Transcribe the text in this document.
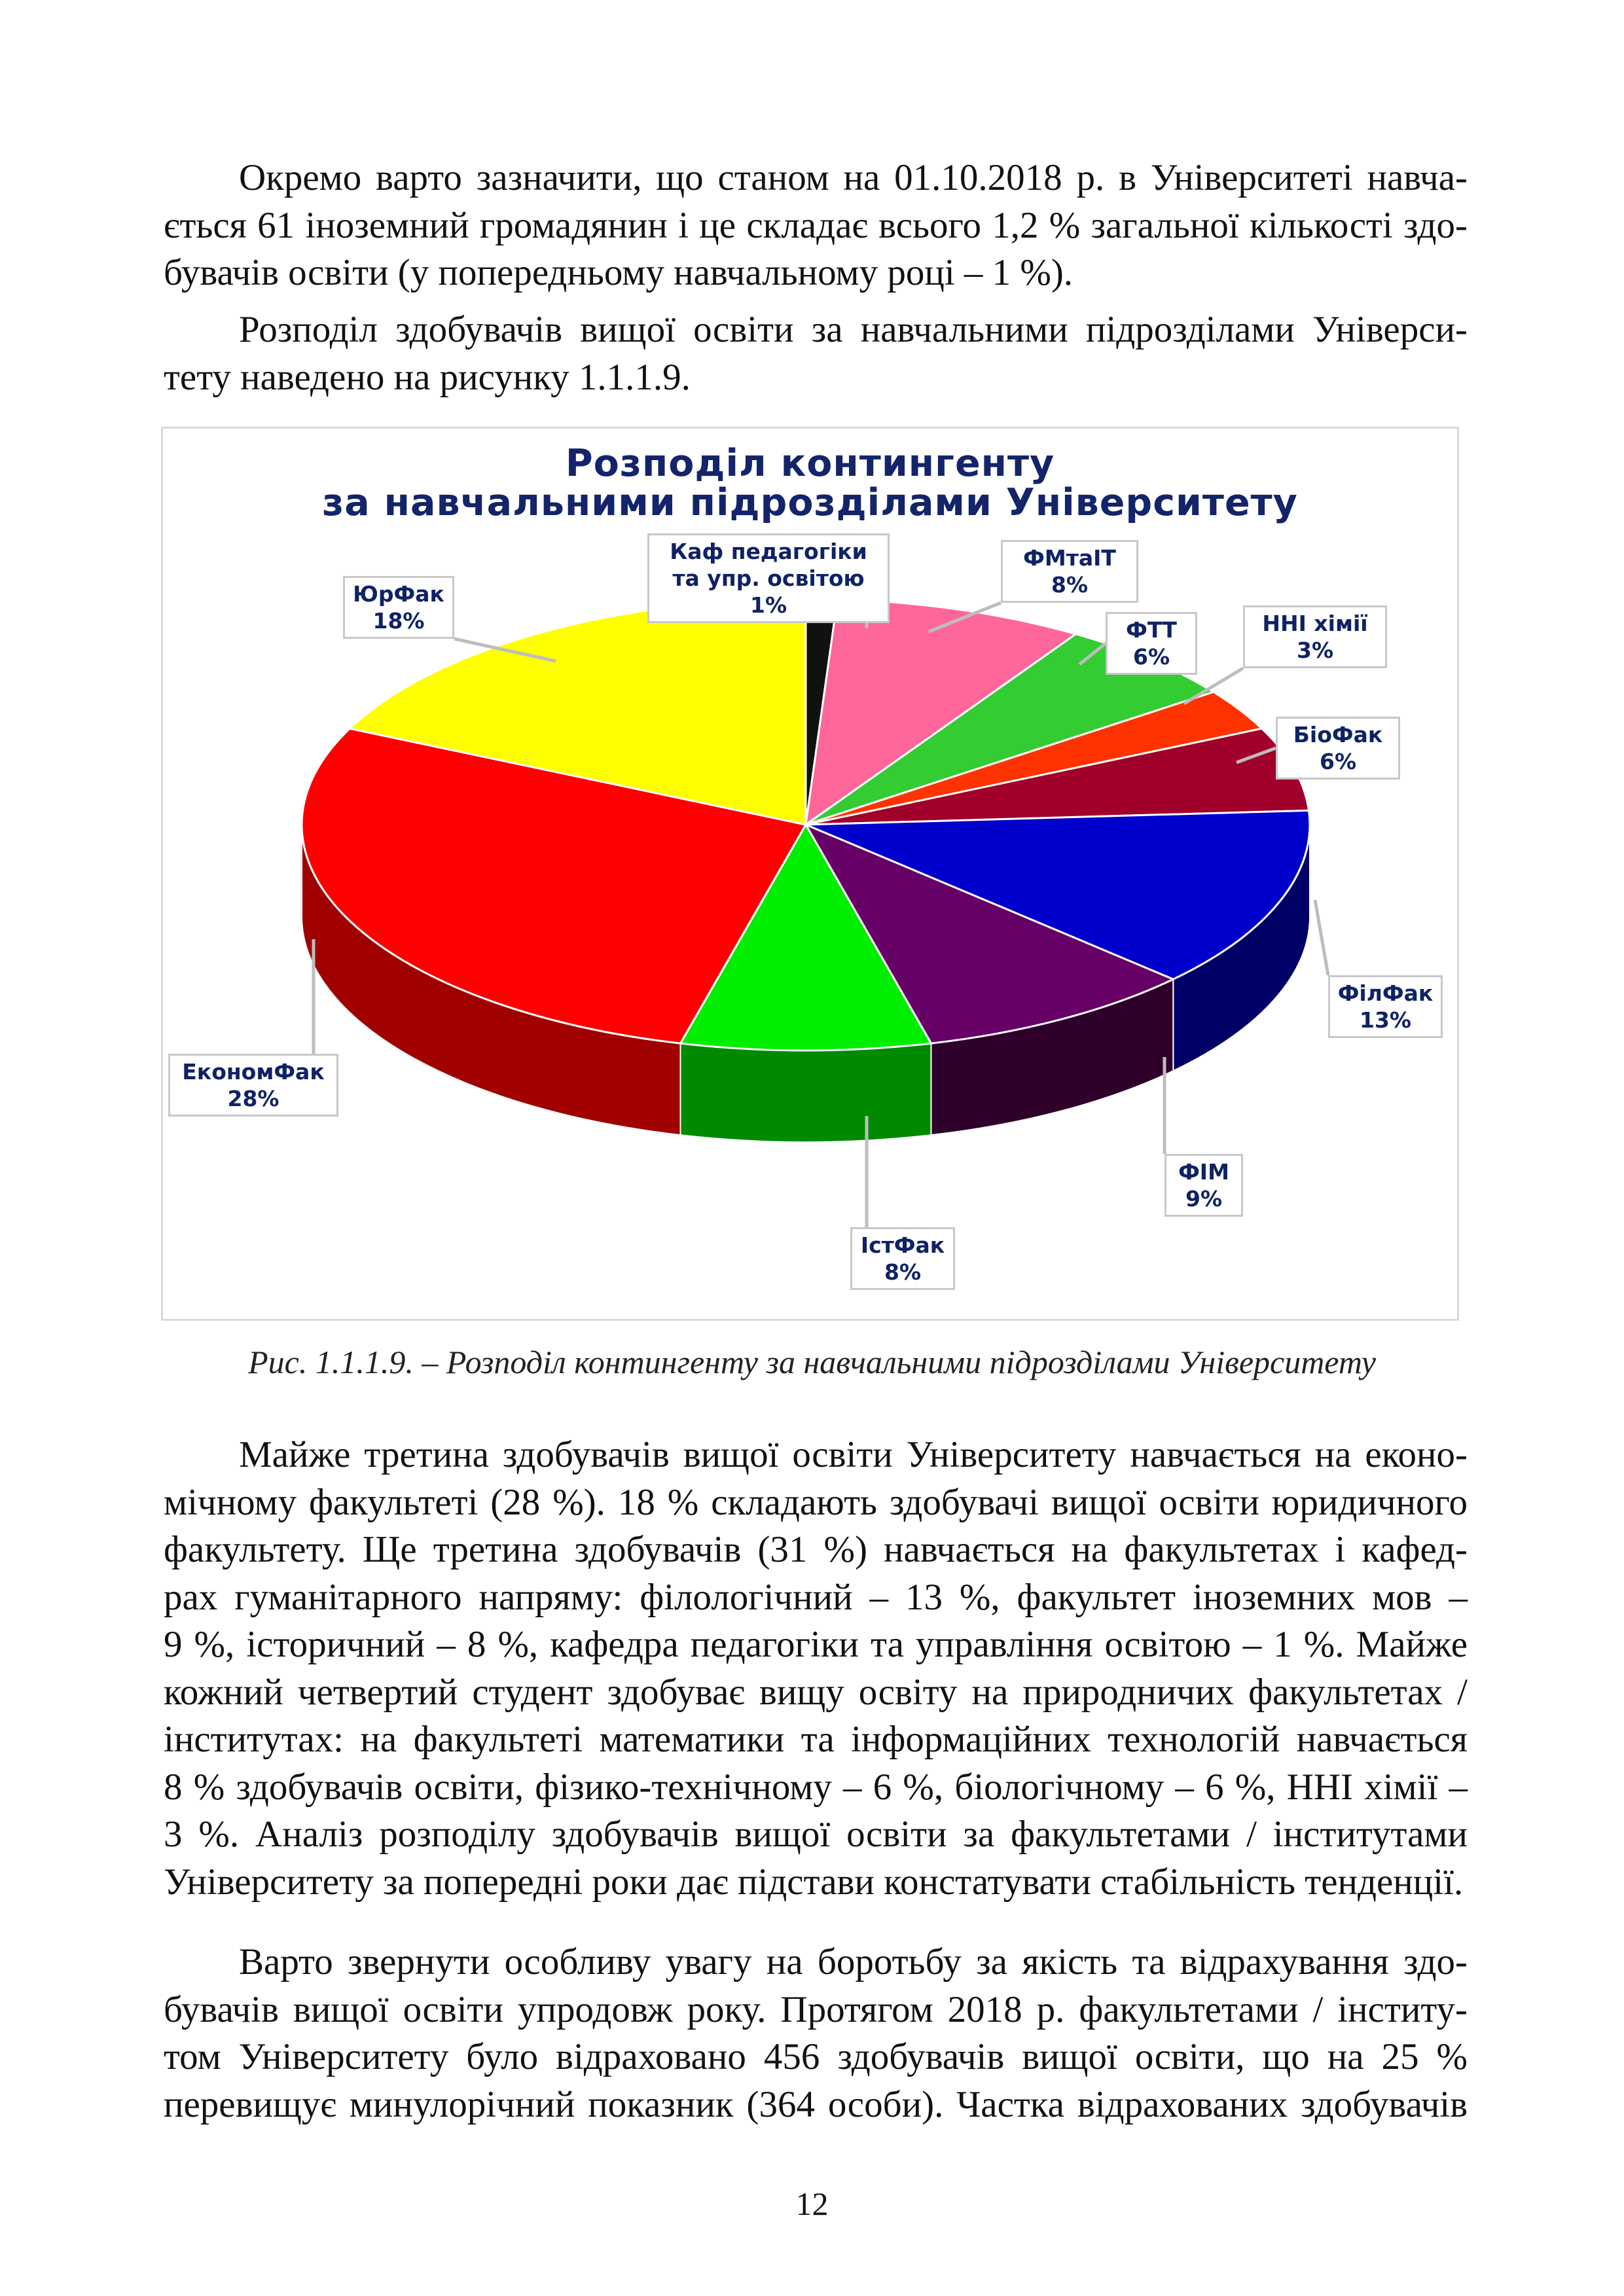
Окремо варто зазначити, що станом на 01.10.2018 р. в Університеті навча-
ється 61 іноземний громадянин і це складає всього 1,2 % загальної кількості здо-
бувачів освіти (у попередньому навчальному році – 1 %).
Розподіл здобувачів вищої освіти за навчальними підрозділами Універси-
тету наведено на рисунку 1.1.1.9.
Розподіл контингенту
за навчальними підрозділами Університету
Каф педагогіки
та упр. освітою
1%
ФМтаІТ
8%
ФТТ
6%
ННІ хімії
3%
БіоФак
6%
ФілФак
13%
ФІМ
9%
ІстФак
8%
ЕкономФак
28%
ЮрФак
18%
Рис. 1.1.1.9. – Розподіл контингенту за навчальними підрозділами Університету
Майже третина здобувачів вищої освіти Університету навчається на еконо-
мічному факультеті (28 %). 18 % складають здобувачі вищої освіти юридичного
факультету. Ще третина здобувачів (31 %) навчається на факультетах і кафед-
рах гуманітарного напряму: філологічний – 13 %, факультет іноземних мов –
9 %, історичний – 8 %, кафедра педагогіки та управління освітою – 1 %. Майже
кожний четвертий студент здобуває вищу освіту на природничих факультетах /
інститутах: на факультеті математики та інформаційних технологій навчається
8 % здобувачів освіти, фізико-технічному – 6 %, біологічному – 6 %, ННІ хімії –
3 %. Аналіз розподілу здобувачів вищої освіти за факультетами / інститутами
Університету за попередні роки дає підстави констатувати стабільність тенденції.
Варто звернути особливу увагу на боротьбу за якість та відрахування здо-
бувачів вищої освіти упродовж року. Протягом 2018 р. факультетами / інститу-
том Університету було відраховано 456 здобувачів вищої освіти, що на 25 %
перевищує минулорічний показник (364 особи). Частка відрахованих здобувачів
12
